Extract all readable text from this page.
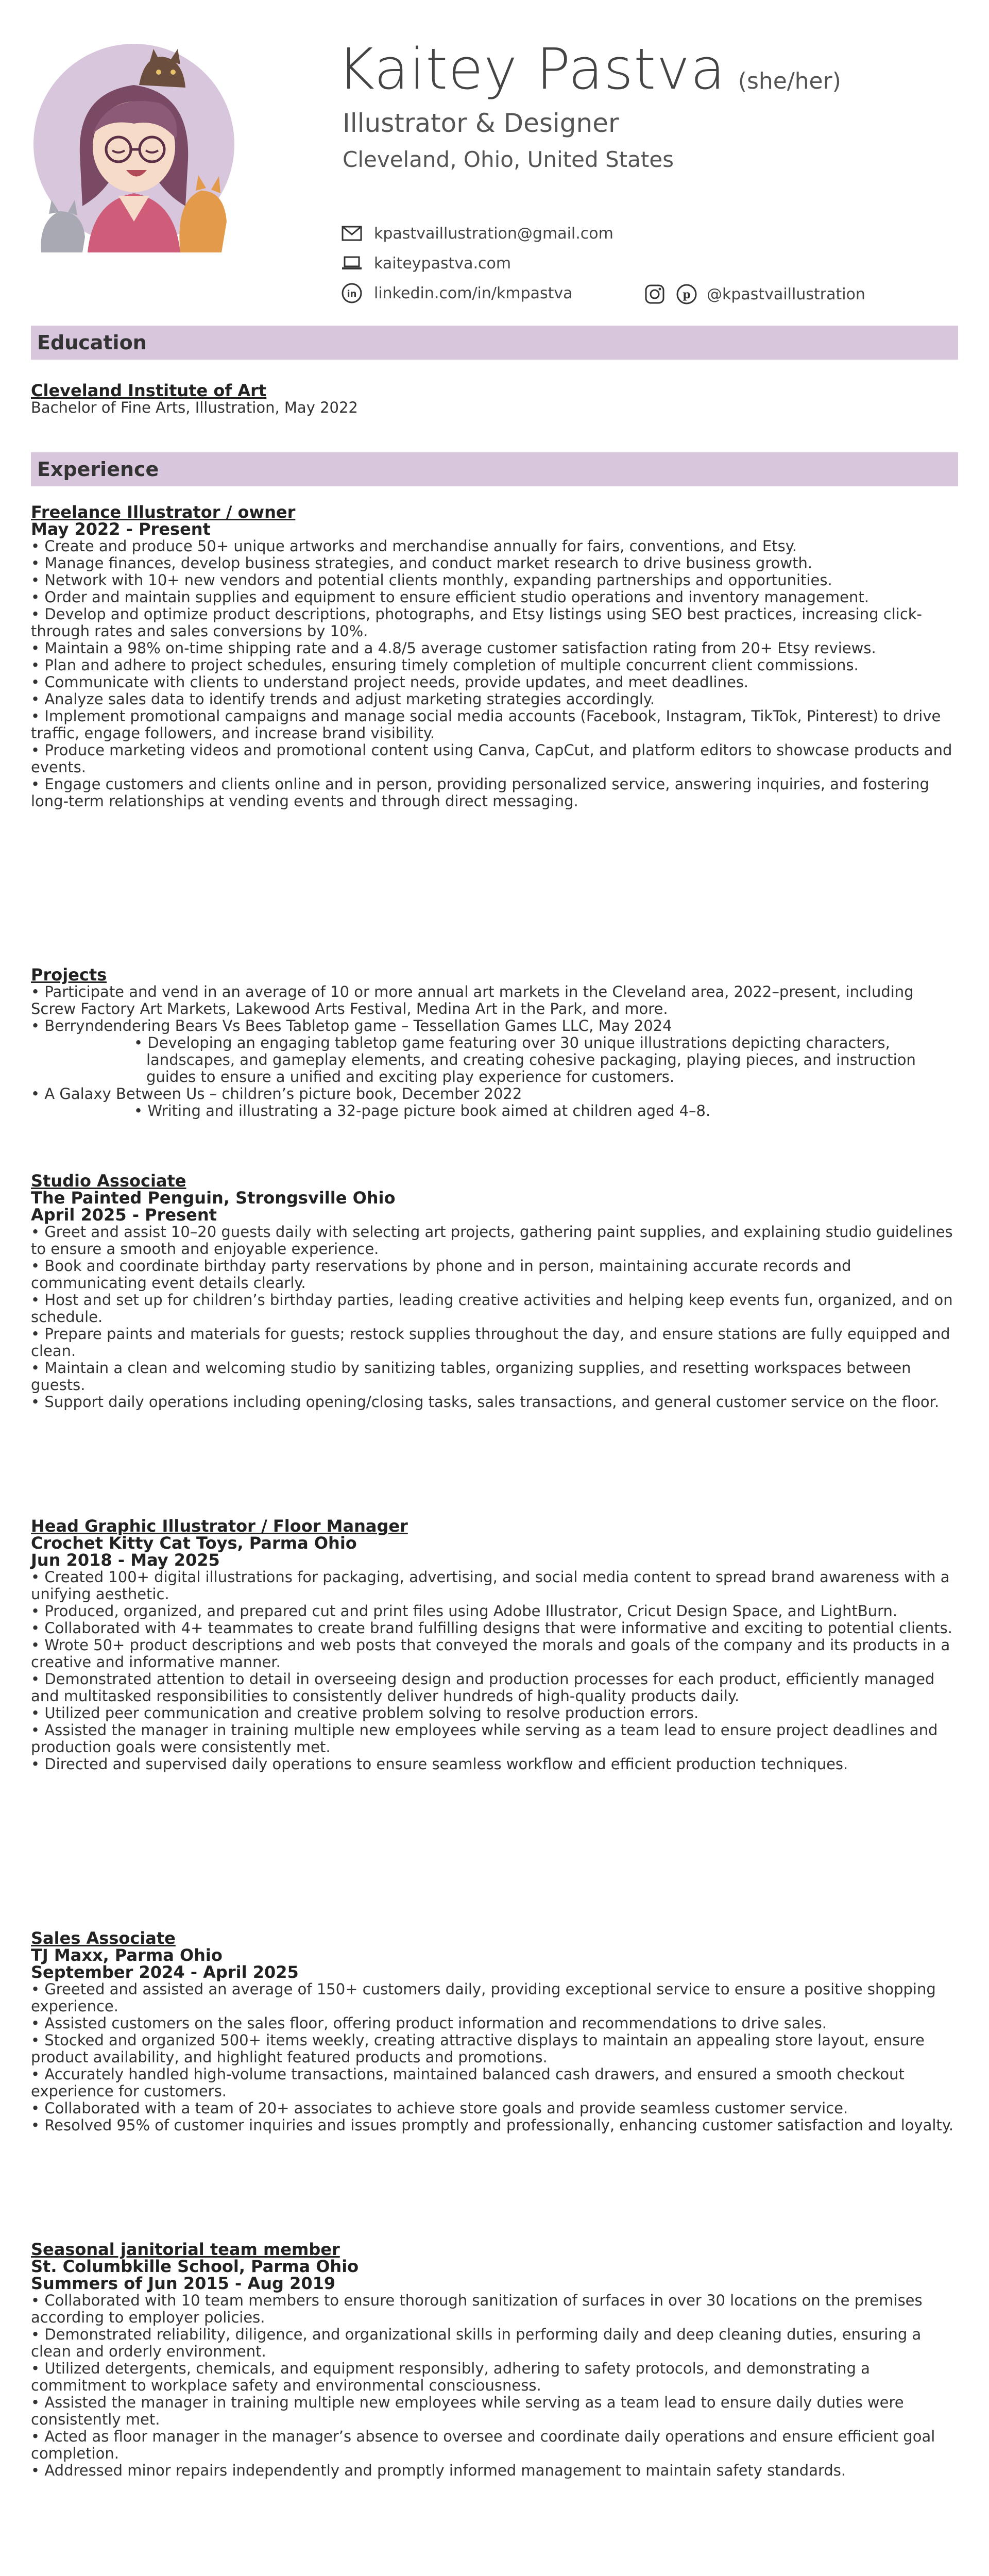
Kaitey Pastva (she/her)
Illustrator & Designer
Cleveland, Ohio, United States
kpastvaillustration@gmail.com
kaiteypastva.com
in linkedin.com/in/kmpastva	p @kpastvaillustration
Education
Cleveland Institute of Art
Bachelor of Fine Arts, Illustration, May 2022
Experience
Freelance Illustrator / owner
May 2022 - Present
• Create and produce 50+ unique artworks and merchandise annually for fairs, conventions, and Etsy.
• Manage finances, develop business strategies, and conduct market research to drive business growth.
• Network with 10+ new vendors and potential clients monthly, expanding partnerships and opportunities.
• Order and maintain supplies and equipment to ensure efficient studio operations and inventory management.
• Develop and optimize product descriptions, photographs, and Etsy listings using SEO best practices, increasing click-through rates and sales conversions by 10%.
• Maintain a 98% on-time shipping rate and a 4.8/5 average customer satisfaction rating from 20+ Etsy reviews.
• Plan and adhere to project schedules, ensuring timely completion of multiple concurrent client commissions.
• Communicate with clients to understand project needs, provide updates, and meet deadlines.
• Analyze sales data to identify trends and adjust marketing strategies accordingly.
• Implement promotional campaigns and manage social media accounts (Facebook, Instagram, TikTok, Pinterest) to drive traffic, engage followers, and increase brand visibility.
• Produce marketing videos and promotional content using Canva, CapCut, and platform editors to showcase products and events.
• Engage customers and clients online and in person, providing personalized service, answering inquiries, and fostering long-term relationships at vending events and through direct messaging.
Projects
• Participate and vend in an average of 10 or more annual art markets in the Cleveland area, 2022–present, including Screw Factory Art Markets, Lakewood Arts Festival, Medina Art in the Park, and more.
• Berryndendering Bears Vs Bees Tabletop game – Tessellation Games LLC, May 2024
• Developing an engaging tabletop game featuring over 30 unique illustrations depicting characters, landscapes, and gameplay elements, and creating cohesive packaging, playing pieces, and instruction guides to ensure a unified and exciting play experience for customers.
• A Galaxy Between Us – children’s picture book, December 2022
• Writing and illustrating a 32-page picture book aimed at children aged 4–8.
Studio Associate
The Painted Penguin, Strongsville Ohio
April 2025 - Present
• Greet and assist 10–20 guests daily with selecting art projects, gathering paint supplies, and explaining studio guidelines to ensure a smooth and enjoyable experience.
• Book and coordinate birthday party reservations by phone and in person, maintaining accurate records and communicating event details clearly.
• Host and set up for children’s birthday parties, leading creative activities and helping keep events fun, organized, and on schedule.
• Prepare paints and materials for guests; restock supplies throughout the day, and ensure stations are fully equipped and clean.
• Maintain a clean and welcoming studio by sanitizing tables, organizing supplies, and resetting workspaces between guests.
• Support daily operations including opening/closing tasks, sales transactions, and general customer service on the floor.
Head Graphic Illustrator / Floor Manager
Crochet Kitty Cat Toys, Parma Ohio
Jun 2018 - May 2025
• Created 100+ digital illustrations for packaging, advertising, and social media content to spread brand awareness with a unifying aesthetic.
• Produced, organized, and prepared cut and print files using Adobe Illustrator, Cricut Design Space, and LightBurn.
• Collaborated with 4+ teammates to create brand fulfilling designs that were informative and exciting to potential clients.
• Wrote 50+ product descriptions and web posts that conveyed the morals and goals of the company and its products in a creative and informative manner.
• Demonstrated attention to detail in overseeing design and production processes for each product, efficiently managed and multitasked responsibilities to consistently deliver hundreds of high-quality products daily.
• Utilized peer communication and creative problem solving to resolve production errors.
• Assisted the manager in training multiple new employees while serving as a team lead to ensure project deadlines and production goals were consistently met.
• Directed and supervised daily operations to ensure seamless workflow and efficient production techniques.
Sales Associate
TJ Maxx, Parma Ohio
September 2024 - April 2025
• Greeted and assisted an average of 150+ customers daily, providing exceptional service to ensure a positive shopping experience.
• Assisted customers on the sales floor, offering product information and recommendations to drive sales.
• Stocked and organized 500+ items weekly, creating attractive displays to maintain an appealing store layout, ensure product availability, and highlight featured products and promotions.
• Accurately handled high-volume transactions, maintained balanced cash drawers, and ensured a smooth checkout experience for customers.
• Collaborated with a team of 20+ associates to achieve store goals and provide seamless customer service.
• Resolved 95% of customer inquiries and issues promptly and professionally, enhancing customer satisfaction and loyalty.
Seasonal janitorial team member
St. Columbkille School, Parma Ohio
Summers of Jun 2015 - Aug 2019
• Collaborated with 10 team members to ensure thorough sanitization of surfaces in over 30 locations on the premises according to employer policies.
• Demonstrated reliability, diligence, and organizational skills in performing daily and deep cleaning duties, ensuring a clean and orderly environment.
• Utilized detergents, chemicals, and equipment responsibly, adhering to safety protocols, and demonstrating a commitment to workplace safety and environmental consciousness.
• Assisted the manager in training multiple new employees while serving as a team lead to ensure daily duties were consistently met.
• Acted as floor manager in the manager’s absence to oversee and coordinate daily operations and ensure efficient goal completion.
• Addressed minor repairs independently and promptly informed management to maintain safety standards.
